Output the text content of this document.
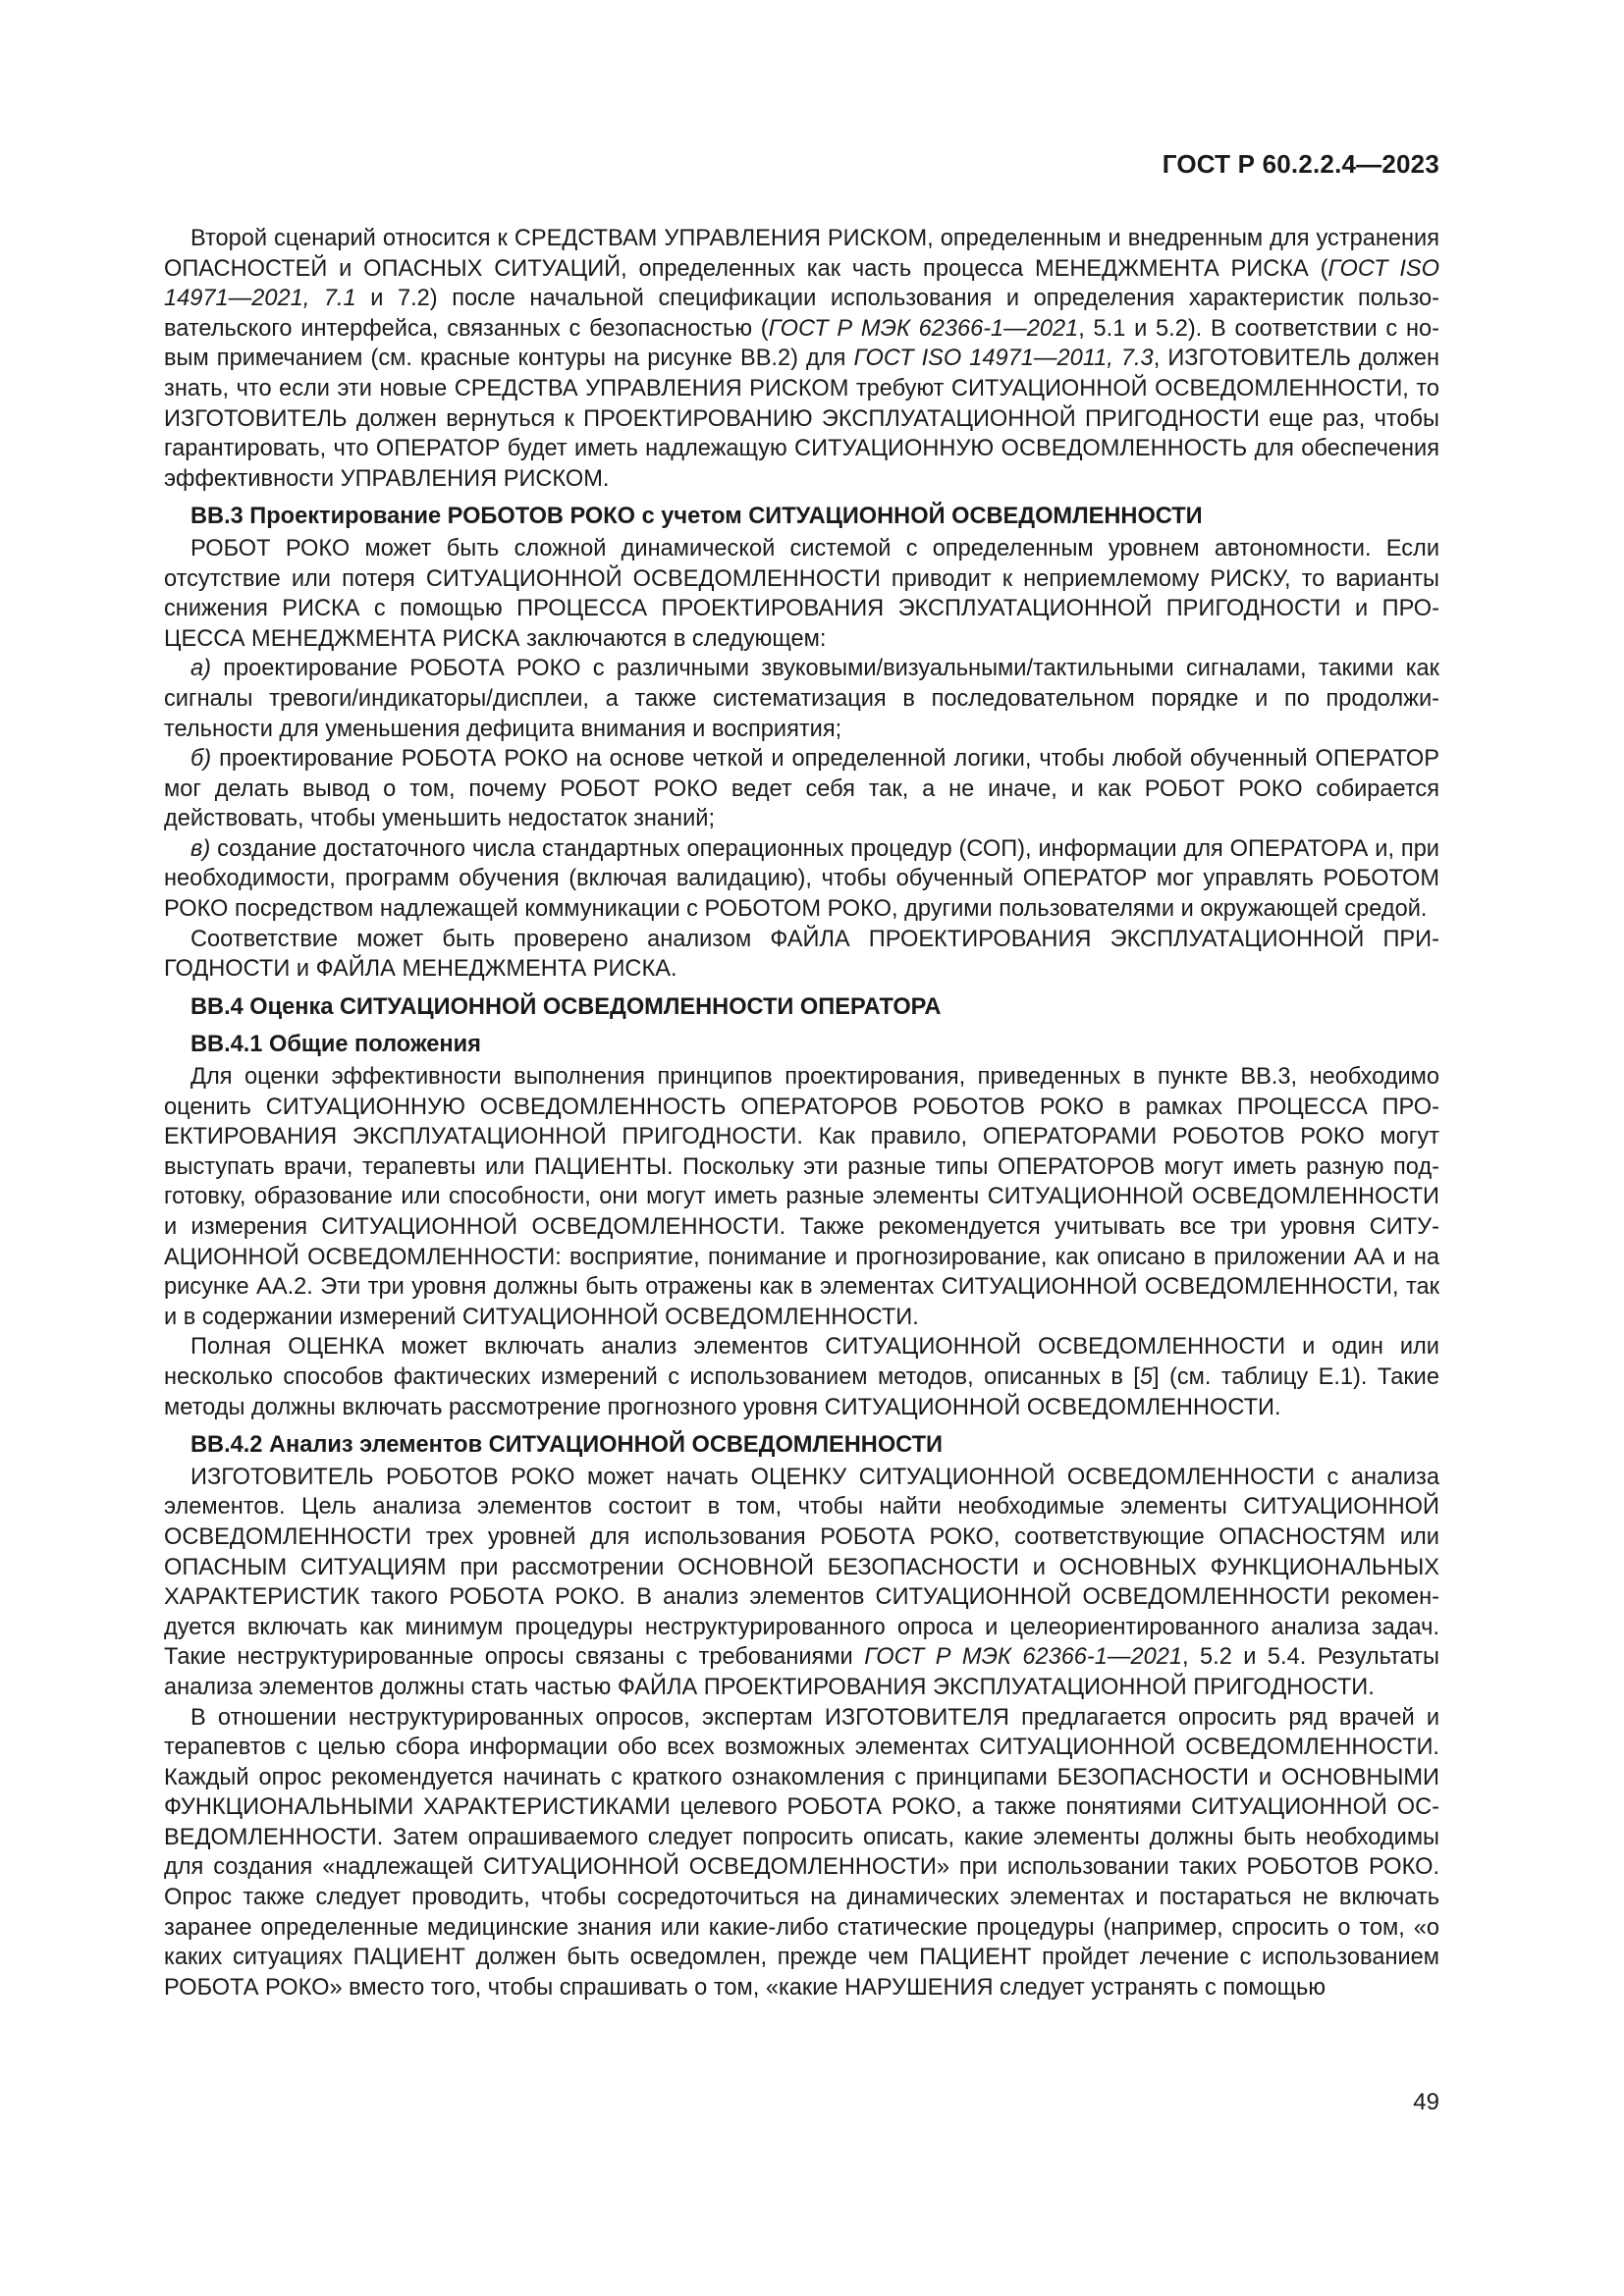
ГОСТ Р 60.2.2.4—2023

Второй сценарий относится к СРЕДСТВАМ УПРАВЛЕНИЯ РИСКОМ, определенным и внедренным для устранения ОПАСНОСТЕЙ и ОПАСНЫХ СИТУАЦИЙ, определенных как часть процесса МЕНЕДЖМЕНТА РИСКА (ГОСТ ISO 14971—2021, 7.1 и 7.2) после начальной спецификации использования и определения характеристик пользовательского интерфейса, связанных с безопасностью (ГОСТ Р МЭК 62366-1—2021, 5.1 и 5.2). В соответствии с новым примечанием (см. красные контуры на рисунке ВВ.2) для ГОСТ ISO 14971—2011, 7.3, ИЗГОТОВИТЕЛЬ должен знать, что если эти новые СРЕДСТВА УПРАВЛЕНИЯ РИСКОМ требуют СИТУАЦИОННОЙ ОСВЕДОМЛЕННОСТИ, то ИЗГОТОВИТЕЛЬ должен вернуться к ПРОЕКТИРОВАНИЮ ЭКСПЛУАТАЦИОННОЙ ПРИГОДНОСТИ еще раз, чтобы гарантировать, что ОПЕРАТОР будет иметь надлежащую СИТУАЦИОННУЮ ОСВЕДОМЛЕННОСТЬ для обеспечения эффективности УПРАВЛЕНИЯ РИСКОМ.

ВВ.3 Проектирование РОБОТОВ РОКО с учетом СИТУАЦИОННОЙ ОСВЕДОМЛЕННОСТИ

РОБОТ РОКО может быть сложной динамической системой с определенным уровнем автономности. Если отсутствие или потеря СИТУАЦИОННОЙ ОСВЕДОМЛЕННОСТИ приводит к неприемлемому РИСКУ, то варианты снижения РИСКА с помощью ПРОЦЕССА ПРОЕКТИРОВАНИЯ ЭКСПЛУАТАЦИОННОЙ ПРИГОДНОСТИ и ПРОЦЕССА МЕНЕДЖМЕНТА РИСКА заключаются в следующем:

а) проектирование РОБОТА РОКО с различными звуковыми/визуальными/тактильными сигналами, такими как сигналы тревоги/индикаторы/дисплеи, а также систематизация в последовательном порядке и по продолжительности для уменьшения дефицита внимания и восприятия;

б) проектирование РОБОТА РОКО на основе четкой и определенной логики, чтобы любой обученный ОПЕРАТОР мог делать вывод о том, почему РОБОТ РОКО ведет себя так, а не иначе, и как РОБОТ РОКО собирается действовать, чтобы уменьшить недостаток знаний;

в) создание достаточного числа стандартных операционных процедур (СОП), информации для ОПЕРАТОРА и, при необходимости, программ обучения (включая валидацию), чтобы обученный ОПЕРАТОР мог управлять РОБОТОМ РОКО посредством надлежащей коммуникации с РОБОТОМ РОКО, другими пользователями и окружающей средой.

Соответствие может быть проверено анализом ФАЙЛА ПРОЕКТИРОВАНИЯ ЭКСПЛУАТАЦИОННОЙ ПРИГОДНОСТИ и ФАЙЛА МЕНЕДЖМЕНТА РИСКА.

ВВ.4 Оценка СИТУАЦИОННОЙ ОСВЕДОМЛЕННОСТИ ОПЕРАТОРА
ВВ.4.1 Общие положения

Для оценки эффективности выполнения принципов проектирования, приведенных в пункте ВВ.3, необходимо оценить СИТУАЦИОННУЮ ОСВЕДОМЛЕННОСТЬ ОПЕРАТОРОВ РОБОТОВ РОКО в рамках ПРОЦЕССА ПРОЕКТИРОВАНИЯ ЭКСПЛУАТАЦИОННОЙ ПРИГОДНОСТИ. Как правило, ОПЕРАТОРАМИ РОБОТОВ РОКО могут выступать врачи, терапевты или ПАЦИЕНТЫ. Поскольку эти разные типы ОПЕРАТОРОВ могут иметь разную подготовку, образование или способности, они могут иметь разные элементы СИТУАЦИОННОЙ ОСВЕДОМЛЕННОСТИ и измерения СИТУАЦИОННОЙ ОСВЕДОМЛЕННОСТИ. Также рекомендуется учитывать все три уровня СИТУАЦИОННОЙ ОСВЕДОМЛЕННОСТИ: восприятие, понимание и прогнозирование, как описано в приложении АА и на рисунке АА.2. Эти три уровня должны быть отражены как в элементах СИТУАЦИОННОЙ ОСВЕДОМЛЕННОСТИ, так и в содержании измерений СИТУАЦИОННОЙ ОСВЕДОМЛЕННОСТИ.

Полная ОЦЕНКА может включать анализ элементов СИТУАЦИОННОЙ ОСВЕДОМЛЕННОСТИ и один или несколько способов фактических измерений с использованием методов, описанных в [5] (см. таблицу Е.1). Такие методы должны включать рассмотрение прогнозного уровня СИТУАЦИОННОЙ ОСВЕДОМЛЕННОСТИ.

ВВ.4.2 Анализ элементов СИТУАЦИОННОЙ ОСВЕДОМЛЕННОСТИ

ИЗГОТОВИТЕЛЬ РОБОТОВ РОКО может начать ОЦЕНКУ СИТУАЦИОННОЙ ОСВЕДОМЛЕННОСТИ с анализа элементов. Цель анализа элементов состоит в том, чтобы найти необходимые элементы СИТУАЦИОННОЙ ОСВЕДОМЛЕННОСТИ трех уровней для использования РОБОТА РОКО, соответствующие ОПАСНОСТЯМ или ОПАСНЫМ СИТУАЦИЯМ при рассмотрении ОСНОВНОЙ БЕЗОПАСНОСТИ и ОСНОВНЫХ ФУНКЦИОНАЛЬНЫХ ХАРАКТЕРИСТИК такого РОБОТА РОКО. В анализ элементов СИТУАЦИОННОЙ ОСВЕДОМЛЕННОСТИ рекомендуется включать как минимум процедуры неструктурированного опроса и целеориентированного анализа задач. Такие неструктурированные опросы связаны с требованиями ГОСТ Р МЭК 62366-1—2021, 5.2 и 5.4. Результаты анализа элементов должны стать частью ФАЙЛА ПРОЕКТИРОВАНИЯ ЭКСПЛУАТАЦИОННОЙ ПРИГОДНОСТИ.

В отношении неструктурированных опросов, экспертам ИЗГОТОВИТЕЛЯ предлагается опросить ряд врачей и терапевтов с целью сбора информации обо всех возможных элементах СИТУАЦИОННОЙ ОСВЕДОМЛЕННОСТИ. Каждый опрос рекомендуется начинать с краткого ознакомления с принципами БЕЗОПАСНОСТИ и ОСНОВНЫМИ ФУНКЦИОНАЛЬНЫМИ ХАРАКТЕРИСТИКАМИ целевого РОБОТА РОКО, а также понятиями СИТУАЦИОННОЙ ОСВЕДОМЛЕННОСТИ. Затем опрашиваемого следует попросить описать, какие элементы должны быть необходимы для создания «надлежащей СИТУАЦИОННОЙ ОСВЕДОМЛЕННОСТИ» при использовании таких РОБОТОВ РОКО. Опрос также следует проводить, чтобы сосредоточиться на динамических элементах и постараться не включать заранее определенные медицинские знания или какие-либо статические процедуры (например, спросить о том, «о каких ситуациях ПАЦИЕНТ должен быть осведомлен, прежде чем ПАЦИЕНТ пройдет лечение с использованием РОБОТА РОКО» вместо того, чтобы спрашивать о том, «какие НАРУШЕНИЯ следует устранять с помощью

49
